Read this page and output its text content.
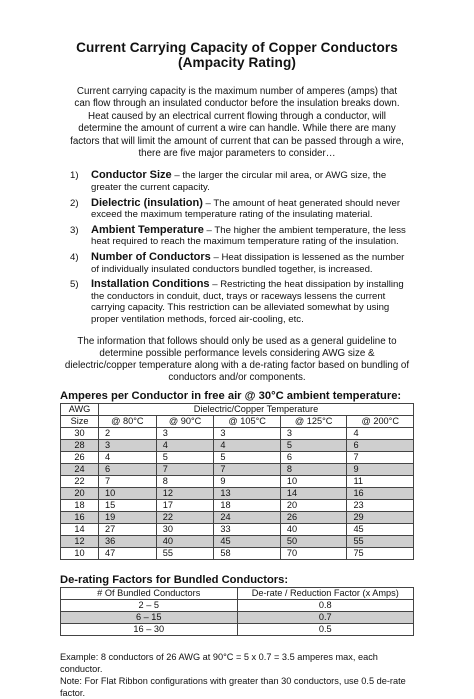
Current Carrying Capacity of Copper Conductors (Ampacity Rating)

Current carrying capacity is the maximum number of amperes (amps) that can flow through an insulated conductor before the insulation breaks down. Heat caused by an electrical current flowing through a conductor, will determine the amount of current a wire can handle. While there are many factors that will limit the amount of current that can be passed through a wire, there are five major parameters to consider…

1) Conductor Size – the larger the circular mil area, or AWG size, the greater the current capacity.
2) Dielectric (insulation) – The amount of heat generated should never exceed the maximum temperature rating of the insulating material.
3) Ambient Temperature – The higher the ambient temperature, the less heat required to reach the maximum temperature rating of the insulation.
4) Number of Conductors – Heat dissipation is lessened as the number of individually insulated conductors bundled together, is increased.
5) Installation Conditions – Restricting the heat dissipation by installing the conductors in conduit, duct, trays or raceways lessens the current carrying capacity. This restriction can be alleviated somewhat by using proper ventilation methods, forced air-cooling, etc.

The information that follows should only be used as a general guideline to determine possible performance levels considering AWG size & dielectric/copper temperature along with a de-rating factor based on bundling of conductors and/or components.

Amperes per Conductor in free air @ 30°C ambient temperature:
AWG	Dielectric/Copper Temperature				
Size	@ 80°C	@ 90°C	@ 105°C	@ 125°C	@ 200°C
30	2	3	3	3	4
28	3	4	4	5	6
26	4	5	5	6	7
24	6	7	7	8	9
22	7	8	9	10	11
20	10	12	13	14	16
18	15	17	18	20	23
16	19	22	24	26	29
14	27	30	33	40	45
12	36	40	45	50	55
10	47	55	58	70	75
De-rating Factors for Bundled Conductors:
# Of Bundled Conductors	De-rate / Reduction Factor (x Amps)
2 – 5	0.8
6 – 15	0.7
16 – 30	0.5
Example: 8 conductors of 26 AWG at 90°C = 5 x 0.7 = 3.5 amperes max, each conductor.
Note: For Flat Ribbon configurations with greater than 30 conductors, use 0.5 de-rate factor.
